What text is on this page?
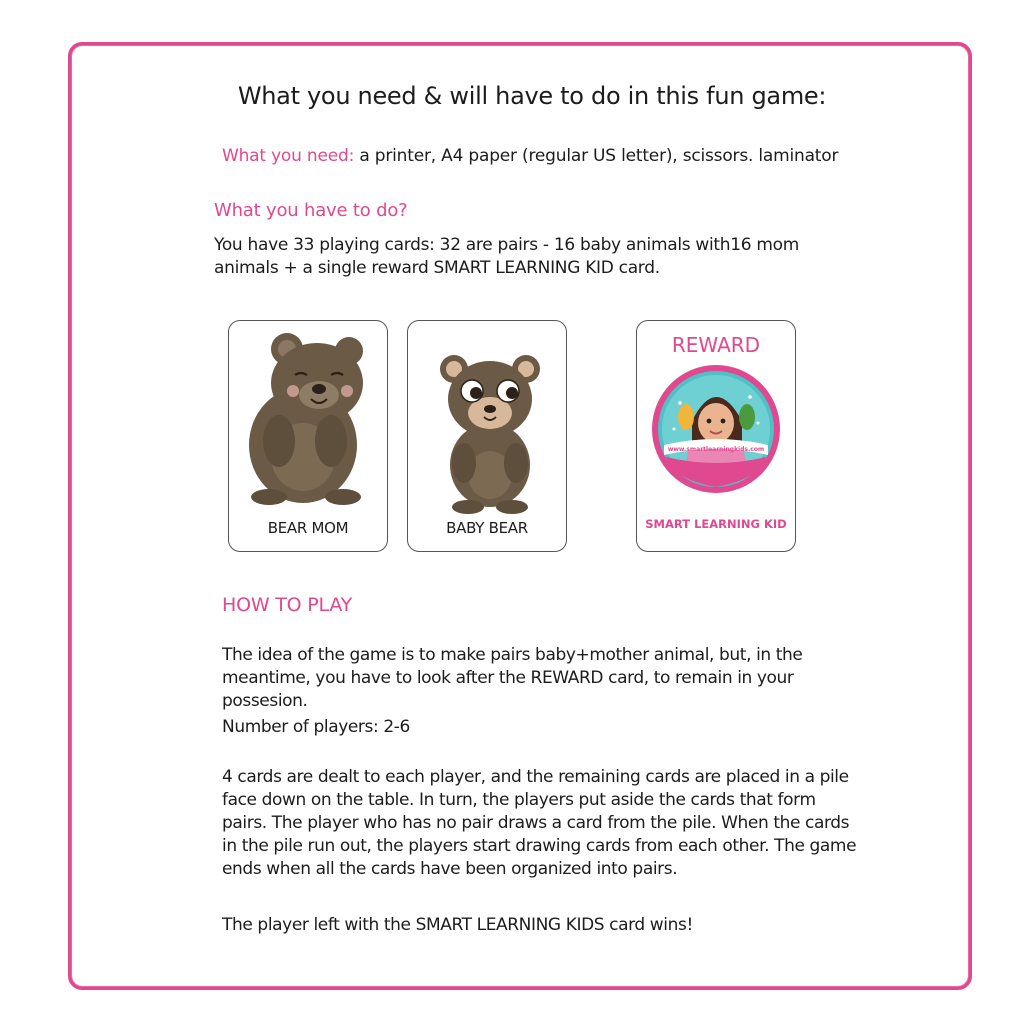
What you need & will have to do in this fun game:
What you need: a printer, A4 paper (regular US letter), scissors. laminator
What you have to do?
You have 33 playing cards: 32 are pairs - 16 baby animals with16 mom animals + a single reward SMART LEARNING KID card.
BEAR MOM	BABY BEAR
REWARD
www.smartlearningkids.com
SMART LEARNING KID
HOW TO PLAY
The idea of the game is to make pairs baby+mother animal, but, in the meantime, you have to look after the REWARD card, to remain in your possesion.
Number of players: 2-6
4 cards are dealt to each player, and the remaining cards are placed in a pile face down on the table. In turn, the players put aside the cards that form pairs. The player who has no pair draws a card from the pile. When the cards in the pile run out, the players start drawing cards from each other. The game ends when all the cards have been organized into pairs.
The player left with the SMART LEARNING KIDS card wins!
